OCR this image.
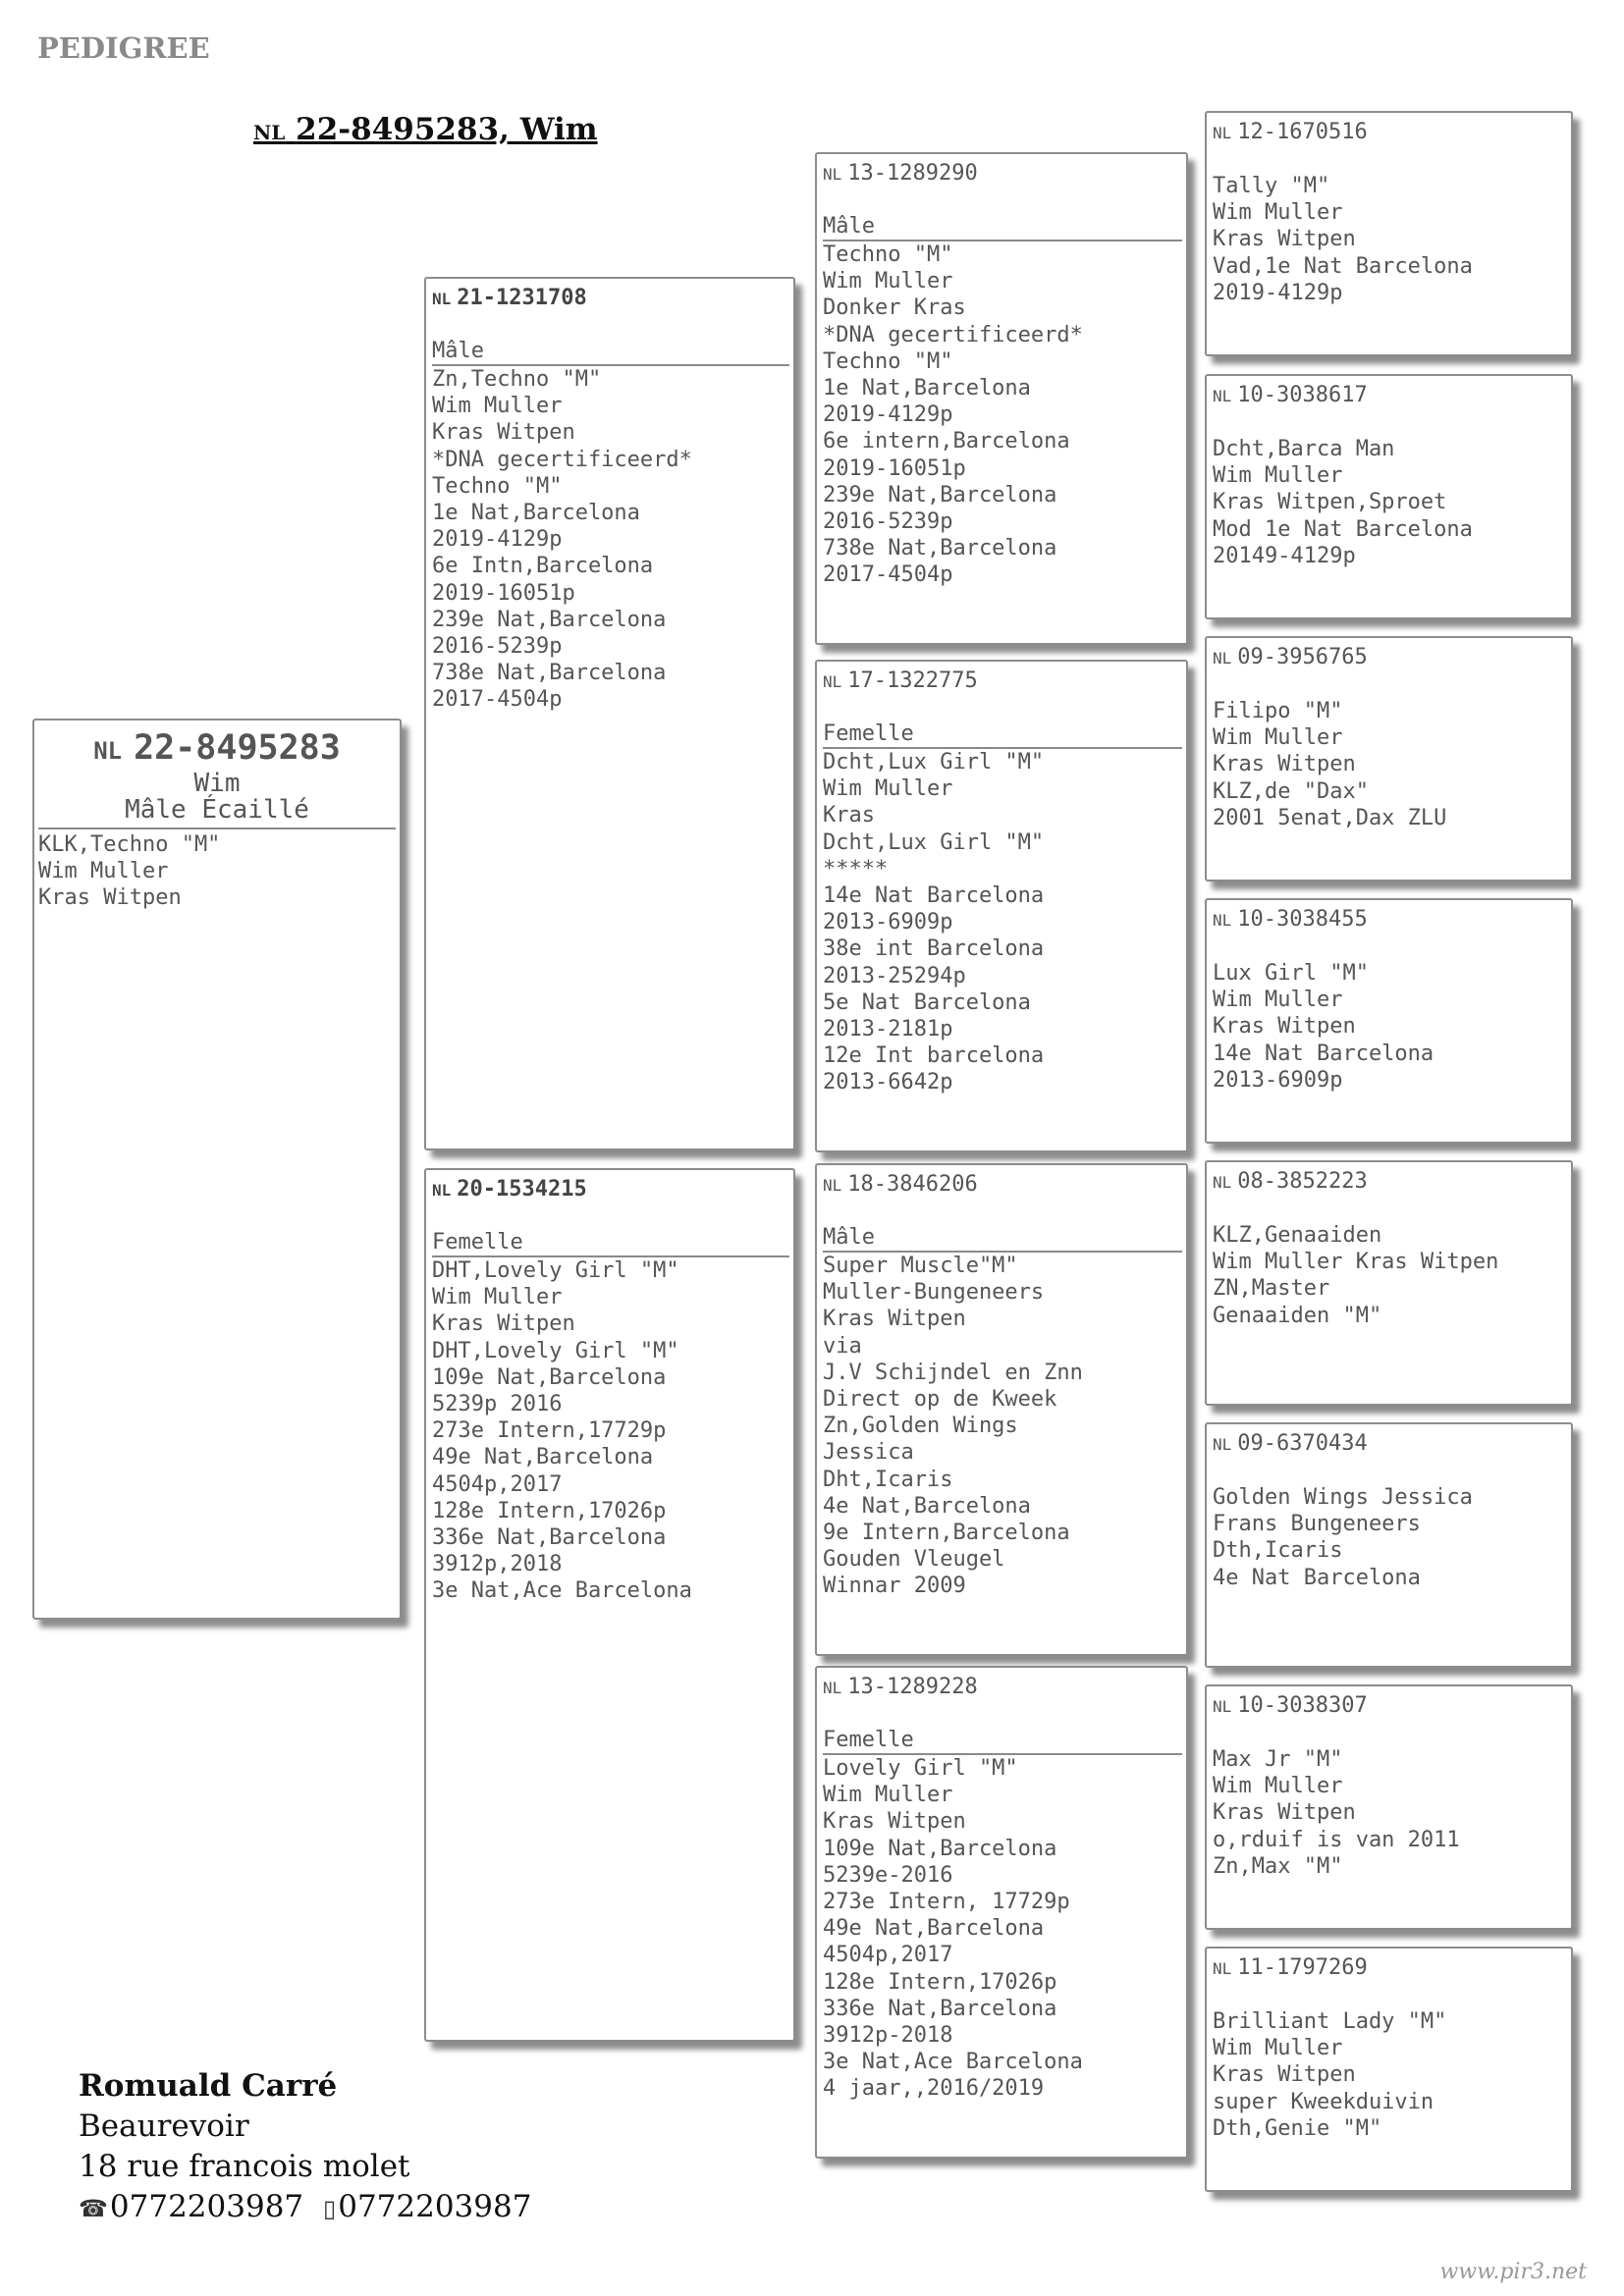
PEDIGREE
NL 22-8495283, Wim
NL 22-8495283
Wim
Mâle Écaillé
KLK,Techno "M"
Wim Muller
Kras Witpen
NL 21-1231708
Mâle
Zn,Techno "M"
Wim Muller
Kras Witpen
*DNA gecertificeerd*
Techno "M"
1e Nat,Barcelona
2019-4129p
6e Intn,Barcelona
2019-16051p
239e Nat,Barcelona
2016-5239p
738e Nat,Barcelona
2017-4504p
NL 20-1534215
Femelle
DHT,Lovely Girl "M"
Wim Muller
Kras Witpen
DHT,Lovely Girl "M"
109e Nat,Barcelona
5239p 2016
273e Intern,17729p
49e Nat,Barcelona
4504p,2017
128e Intern,17026p
336e Nat,Barcelona
3912p,2018
3e Nat,Ace Barcelona
NL 13-1289290
Mâle
Techno "M"
Wim Muller
Donker Kras
*DNA gecertificeerd*
Techno "M"
1e Nat,Barcelona
2019-4129p
6e intern,Barcelona
2019-16051p
239e Nat,Barcelona
2016-5239p
738e Nat,Barcelona
2017-4504p
NL 17-1322775
Femelle
Dcht,Lux Girl "M"
Wim Muller
Kras
Dcht,Lux Girl "M"
*****
14e Nat Barcelona
2013-6909p
38e int Barcelona
2013-25294p
5e Nat Barcelona
2013-2181p
12e Int barcelona
2013-6642p
NL 18-3846206
Mâle
Super Muscle"M"
Muller-Bungeneers
Kras Witpen
via
J.V Schijndel en Znn
Direct op de Kweek
Zn,Golden Wings
Jessica
Dht,Icaris
4e Nat,Barcelona
9e Intern,Barcelona
Gouden Vleugel
Winnar 2009
NL 13-1289228
Femelle
Lovely Girl "M"
Wim Muller
Kras Witpen
109e Nat,Barcelona
5239e-2016
273e Intern, 17729p
49e Nat,Barcelona
4504p,2017
128e Intern,17026p
336e Nat,Barcelona
3912p-2018
3e Nat,Ace Barcelona
4 jaar,,2016/2019
NL 12-1670516
Tally "M"
Wim Muller
Kras Witpen
Vad,1e Nat Barcelona
2019-4129p
NL 10-3038617
Dcht,Barca Man
Wim Muller
Kras Witpen,Sproet
Mod 1e Nat Barcelona
20149-4129p
NL 09-3956765
Filipo "M"
Wim Muller
Kras Witpen
KLZ,de "Dax"
2001 5enat,Dax ZLU
NL 10-3038455
Lux Girl "M"
Wim Muller
Kras Witpen
14e Nat Barcelona
2013-6909p
NL 08-3852223
KLZ,Genaaiden
Wim Muller Kras Witpen
ZN,Master
Genaaiden "M"
NL 09-6370434
Golden Wings Jessica
Frans Bungeneers
Dth,Icaris
4e Nat Barcelona
NL 10-3038307
Max Jr "M"
Wim Muller
Kras Witpen
o,rduif is van 2011
Zn,Max "M"
NL 11-1797269
Brilliant Lady "M"
Wim Muller
Kras Witpen
super Kweekduivin
Dth,Genie "M"
Romuald Carré
Beaurevoir
18 rue francois molet
☎0772203987 ▯0772203987
www.pir3.net
